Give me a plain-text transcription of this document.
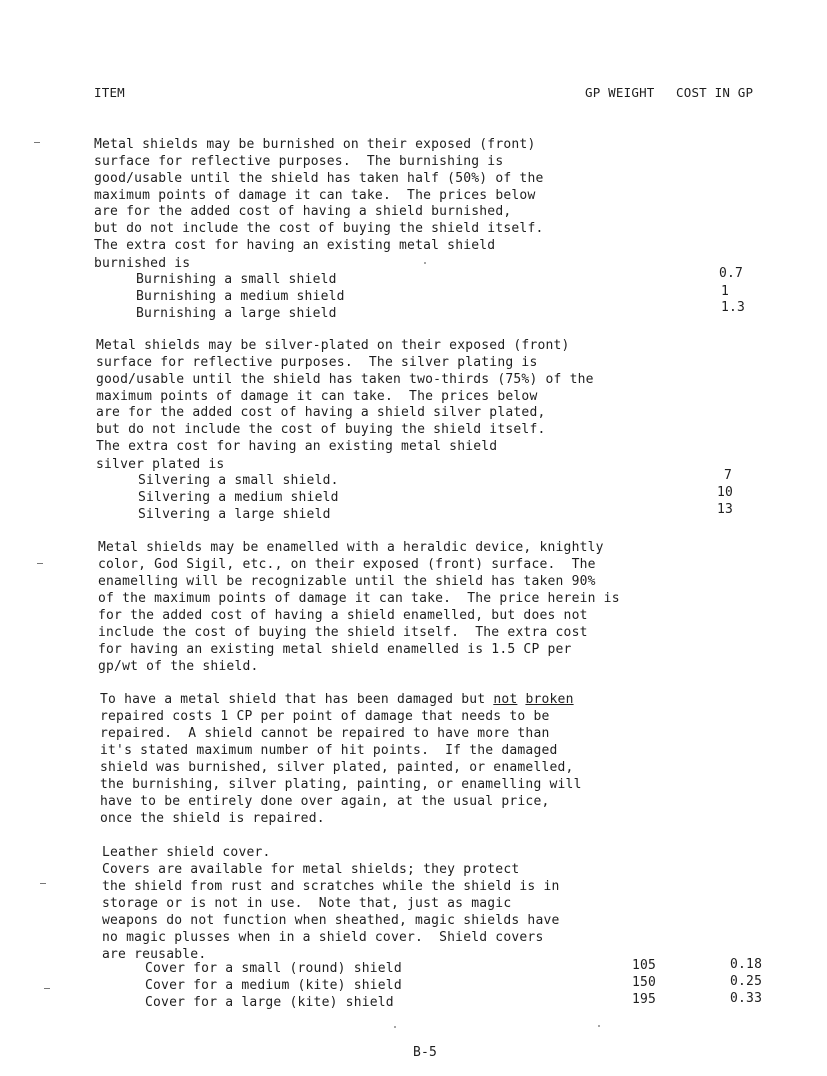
ITEM	GP WEIGHT COST IN GP
Metal shields may be burnished on their exposed (front)
surface for reflective purposes.  The burnishing is
good/usable until the shield has taken half (50%) of the
maximum points of damage it can take.  The prices below
are for the added cost of having a shield burnished,
but do not include the cost of buying the shield itself.
The extra cost for having an existing metal shield
burnished is
Burnishing a small shield
Burnishing a medium shield
Burnishing a large shield
0.7
1
1.3
Metal shields may be silver-plated on their exposed (front)
surface for reflective purposes.  The silver plating is
good/usable until the shield has taken two-thirds (75%) of the
maximum points of damage it can take.  The prices below
are for the added cost of having a shield silver plated,
but do not include the cost of buying the shield itself.
The extra cost for having an existing metal shield
silver plated is
Silvering a small shield.
Silvering a medium shield
Silvering a large shield
7
10
13
Metal shields may be enamelled with a heraldic device, knightly
color, God Sigil, etc., on their exposed (front) surface.  The
enamelling will be recognizable until the shield has taken 90%
of the maximum points of damage it can take.  The price herein is
for the added cost of having a shield enamelled, but does not
include the cost of buying the shield itself.  The extra cost
for having an existing metal shield enamelled is 1.5 CP per
gp/wt of the shield.
To have a metal shield that has been damaged but not broken
repaired costs 1 CP per point of damage that needs to be
repaired.  A shield cannot be repaired to have more than
it's stated maximum number of hit points.  If the damaged
shield was burnished, silver plated, painted, or enamelled,
the burnishing, silver plating, painting, or enamelling will
have to be entirely done over again, at the usual price,
once the shield is repaired.
Leather shield cover.
Covers are available for metal shields; they protect
the shield from rust and scratches while the shield is in
storage or is not in use.  Note that, just as magic
weapons do not function when sheathed, magic shields have
no magic plusses when in a shield cover.  Shield covers
are reusable.
Cover for a small (round) shield
Cover for a medium (kite) shield
Cover for a large (kite) shield
105
150
195
0.18
0.25
0.33
B-5
